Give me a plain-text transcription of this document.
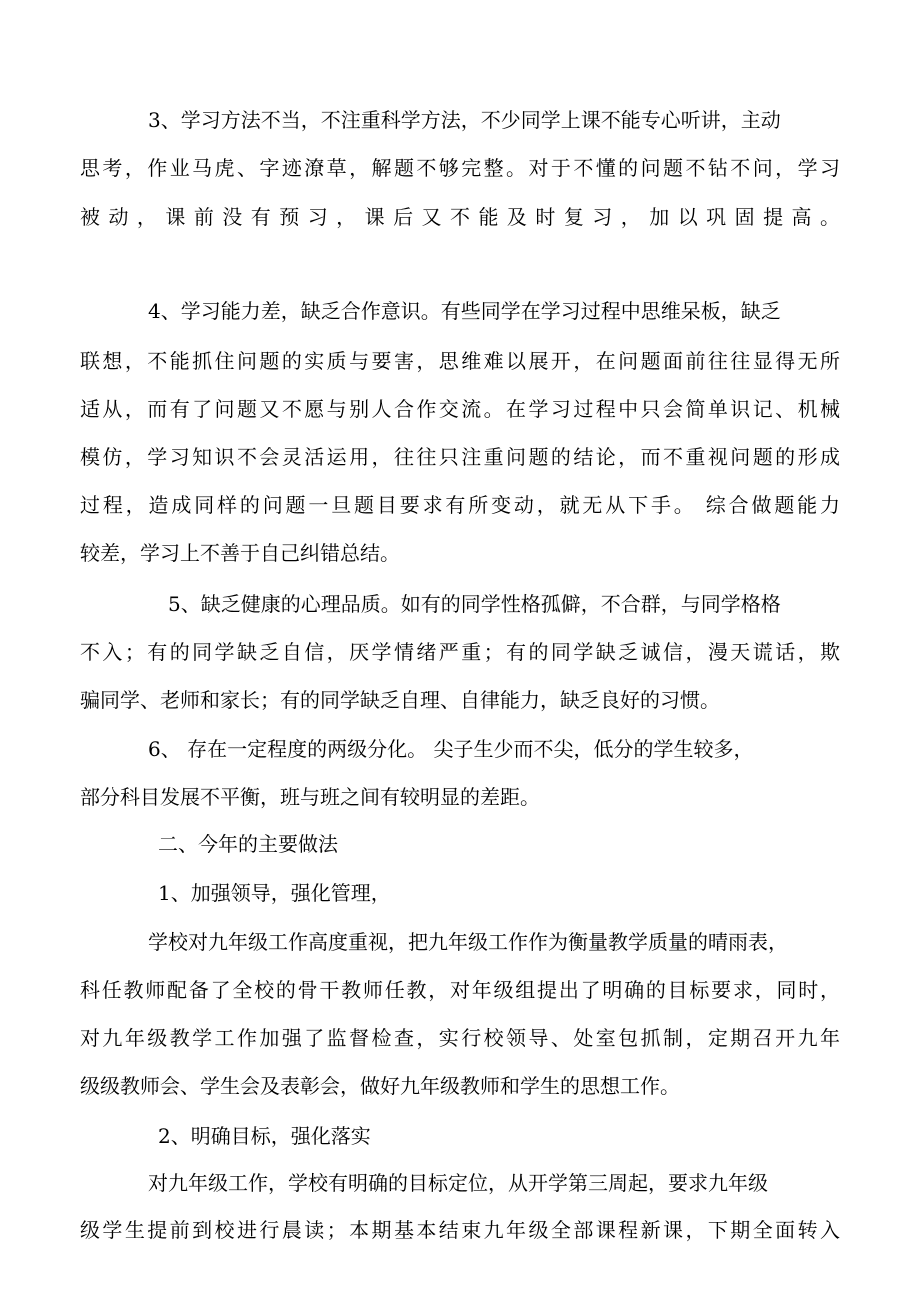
3、学习方法不当，不注重科学方法，不少同学上课不能专心听讲，主动
思考，作业马虎、字迹潦草，解题不够完整。对于不懂的问题不钻不问，学习
被 动 ， 课 前 没 有 预 习 ， 课 后 又 不 能 及 时 复 习 ， 加 以 巩 固 提 高 。
4、学习能力差，缺乏合作意识。有些同学在学习过程中思维呆板，缺乏
联想，不能抓住问题的实质与要害，思维难以展开，在问题面前往往显得无所
适从，而有了问题又不愿与别人合作交流。在学习过程中只会简单识记、机械
模仿，学习知识不会灵活运用，往往只注重问题的结论，而不重视问题的形成
过程，造成同样的问题一旦题目要求有所变动，就无从下手。 综合做题能力
较差，学习上不善于自己纠错总结。
5、缺乏健康的心理品质。如有的同学性格孤僻，不合群，与同学格格
不入；有的同学缺乏自信，厌学情绪严重；有的同学缺乏诚信，漫天谎话，欺
骗同学、老师和家长；有的同学缺乏自理、自律能力，缺乏良好的习惯。
6、 存在一定程度的两级分化。 尖子生少而不尖，低分的学生较多，
部分科目发展不平衡，班与班之间有较明显的差距。
二、今年的主要做法
1、加强领导，强化管理，
学校对九年级工作高度重视，把九年级工作作为衡量教学质量的晴雨表，
科任教师配备了全校的骨干教师任教，对年级组提出了明确的目标要求，同时，
对九年级教学工作加强了监督检查，实行校领导、处室包抓制，定期召开九年
级级教师会、学生会及表彰会，做好九年级教师和学生的思想工作。
2、明确目标，强化落实
对九年级工作，学校有明确的目标定位，从开学第三周起，要求九年级
级学生提前到校进行晨读；本期基本结束九年级全部课程新课，下期全面转入
